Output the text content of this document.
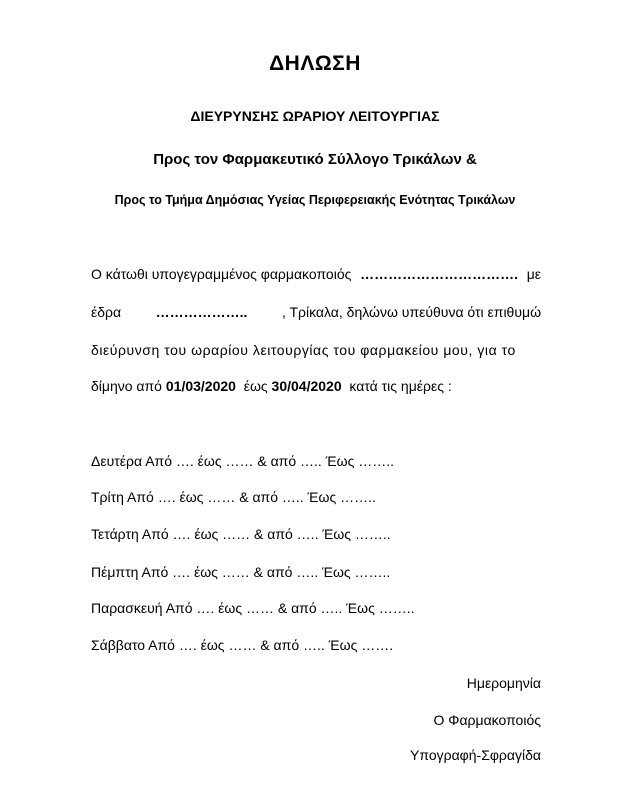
ΔΗΛΩΣΗ
ΔΙΕΥΡΥΝΣΗΣ ΩΡΑΡΙΟΥ ΛΕΙΤΟΥΡΓΙΑΣ
Προς τον Φαρμακευτικό Σύλλογο Τρικάλων &
Προς το Τμήμα Δημόσιας Υγείας Περιφερειακής Ενότητας Τρικάλων
Ο κάτωθι υπογεγραμμένος φαρμακοποιός ……………………………. με
έδρα ……………….. , Τρίκαλα, δηλώνω υπεύθυνα ότι επιθυμώ
διεύρυνση του ωραρίου λειτουργίας του φαρμακείου μου, για το
δίμηνο από 01/03/2020 έως 30/04/2020 κατά τις ημέρες :
Δευτέρα Από …. έως …… & από ….. Έως ……..
Τρίτη Από …. έως …… & από ….. Έως ……..
Τετάρτη Από …. έως …… & από ….. Έως ……..
Πέμπτη Από …. έως …… & από ….. Έως ……..
Παρασκευή Από …. έως …… & από ….. Έως ……..
Σάββατο Από …. έως …… & από ….. Έως …….
Ημερομηνία
Ο Φαρμακοποιός
Υπογραφή-Σφραγίδα
